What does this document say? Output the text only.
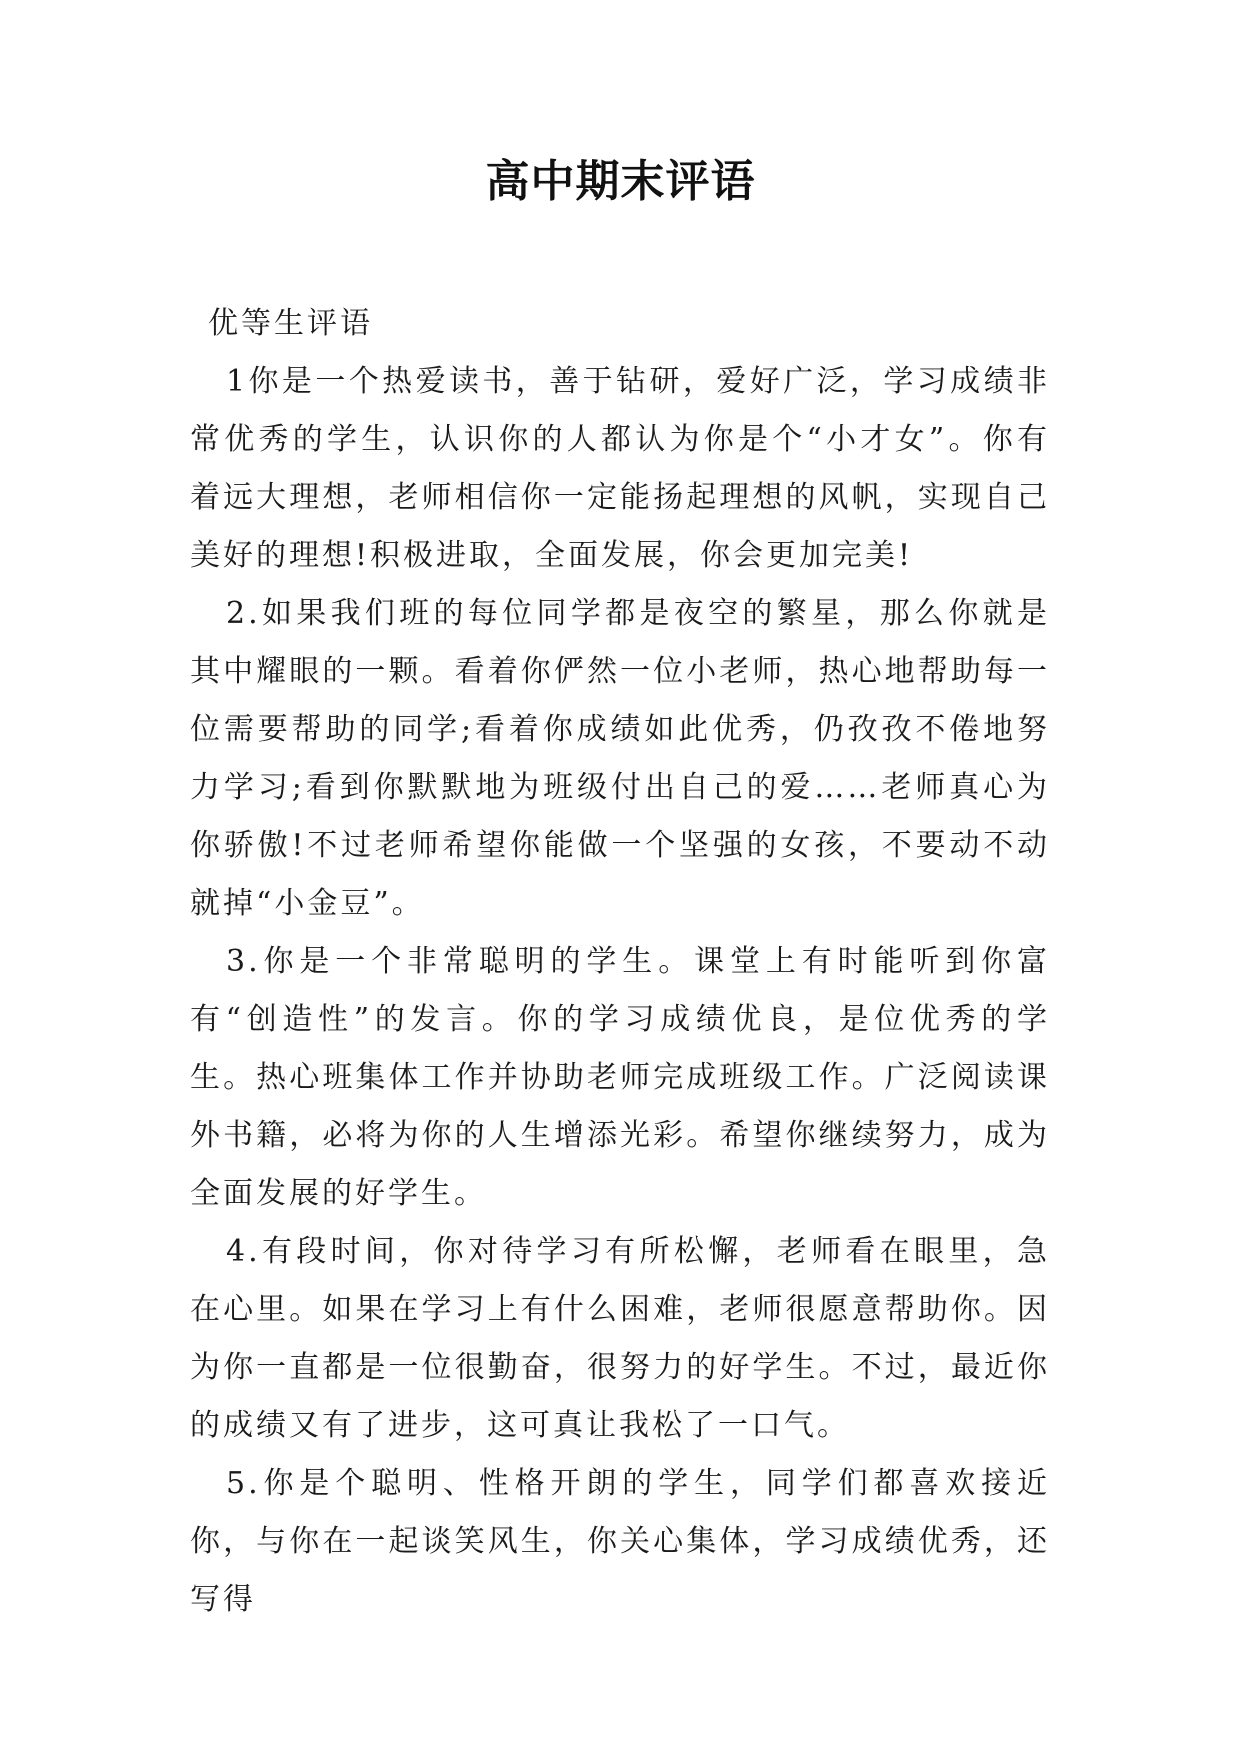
高中期末评语

优等生评语

1你是一个热爱读书，善于钻研，爱好广泛，学习成绩非常优秀的学生，认识你的人都认为你是个“小才女”。你有着远大理想，老师相信你一定能扬起理想的风帆，实现自己美好的理想!积极进取，全面发展，你会更加完美!

2.如果我们班的每位同学都是夜空的繁星，那么你就是其中耀眼的一颗。看着你俨然一位小老师，热心地帮助每一位需要帮助的同学;看着你成绩如此优秀，仍孜孜不倦地努力学习;看到你默默地为班级付出自己的爱……老师真心为你骄傲!不过老师希望你能做一个坚强的女孩，不要动不动就掉“小金豆”。

3.你是一个非常聪明的学生。课堂上有时能听到你富有“创造性”的发言。你的学习成绩优良，是位优秀的学生。热心班集体工作并协助老师完成班级工作。广泛阅读课外书籍，必将为你的人生增添光彩。希望你继续努力，成为全面发展的好学生。

4.有段时间，你对待学习有所松懈，老师看在眼里，急在心里。如果在学习上有什么困难，老师很愿意帮助你。因为你一直都是一位很勤奋，很努力的好学生。不过，最近你的成绩又有了进步，这可真让我松了一口气。

5.你是个聪明、性格开朗的学生，同学们都喜欢接近你，与你在一起谈笑风生，你关心集体，学习成绩优秀，还写得
